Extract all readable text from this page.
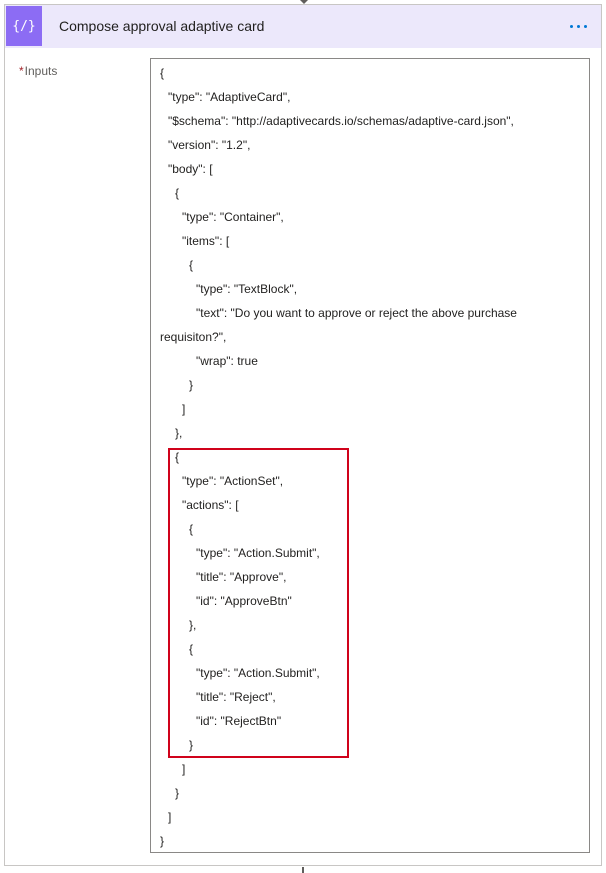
{/}	Compose approval adaptive card
*Inputs	{
"type": "AdaptiveCard",
"$schema": "http://adaptivecards.io/schemas/adaptive-card.json",
"version": "1.2",
"body": [
{
"type": "Container",
"items": [
{
"type": "TextBlock",
"text": "Do you want to approve or reject the above purchase
requisiton?",
"wrap": true
}
]
},
{
"type": "ActionSet",
"actions": [
{
"type": "Action.Submit",
"title": "Approve",
"id": "ApproveBtn"
},
{
"type": "Action.Submit",
"title": "Reject",
"id": "RejectBtn"
}
]
}
]
}
